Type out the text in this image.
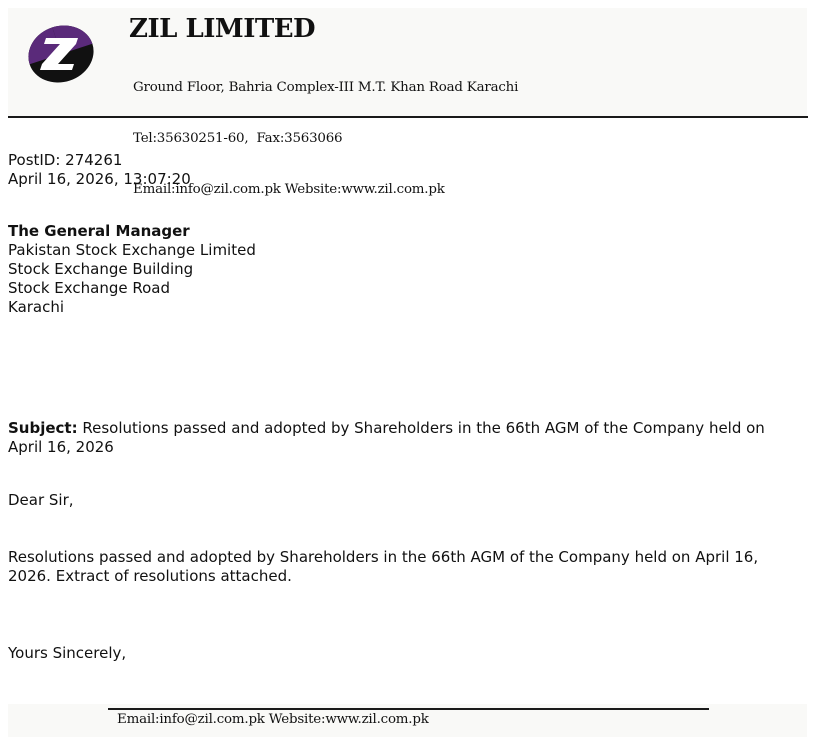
ZIL LIMITED

Ground Floor, Bahria Complex-III M.T. Khan Road Karachi

Tel:35630251-60,  Fax:3563066

Email:info@zil.com.pk Website:www.zil.com.pk

PostID: 274261
April 16, 2026, 13:07:20
The General Manager
Pakistan Stock Exchange Limited
Stock Exchange Building
Stock Exchange Road
Karachi
Subject: Resolutions passed and adopted by Shareholders in the 66th AGM of the Company held on April 16, 2026
Dear Sir,
Resolutions passed and adopted by Shareholders in the 66th AGM of the Company held on April 16, 2026. Extract of resolutions attached.
Yours Sincerely,
Email:info@zil.com.pk Website:www.zil.com.pk
